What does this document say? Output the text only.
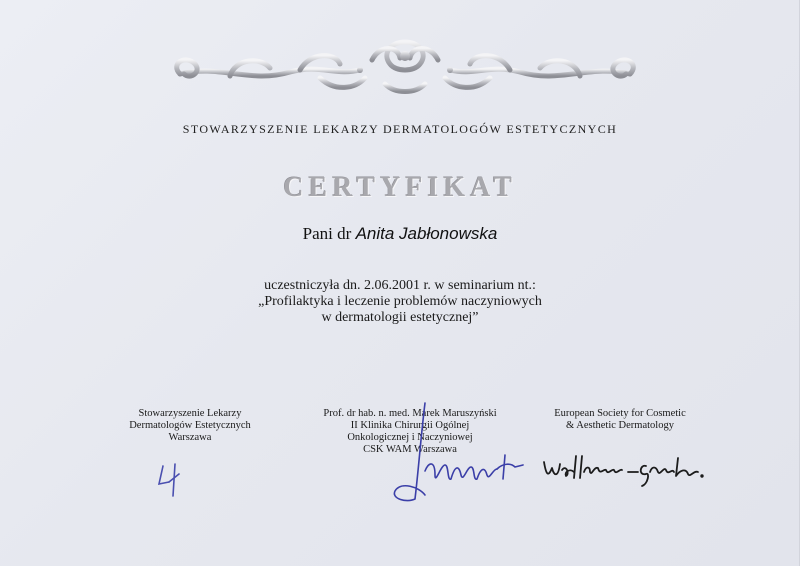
STOWARZYSZENIE LEKARZY DERMATOLOGÓW ESTETYCZNYCH

CERTYFIKAT
Pani dr Anita Jabłonowska

uczestniczyła dn. 2.06.2001 r. w seminarium nt.:

„Profilaktyka i leczenie problemów naczyniowych

w dermatologii estetycznej”

Stowarzyszenie Lekarzy

Dermatologów Estetycznych

Warszawa

Prof. dr hab. n. med. Marek Maruszyński

II Klinika Chirurgii Ogólnej

Onkologicznej i Naczyniowej

CSK WAM Warszawa

European Society for Cosmetic

& Aesthetic Dermatology
